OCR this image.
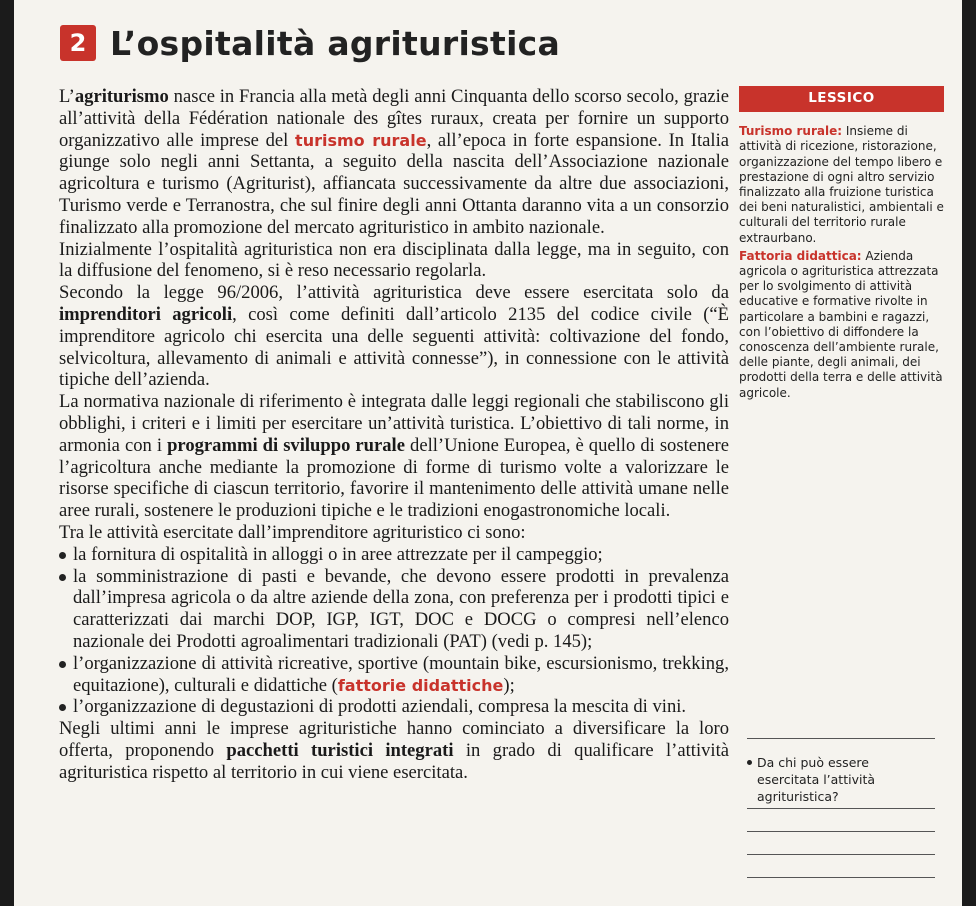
2 L’ospitalità agrituristica

L’agriturismo nasce in Francia alla metà degli anni Cinquanta dello scorso secolo, grazie all’attività della Fédération nationale des gîtes ruraux, creata per fornire un supporto organizzativo alle imprese del turismo rurale, all’epoca in forte espansione. In Italia giunge solo negli anni Settanta, a seguito della nascita dell’Associazione nazionale agricoltura e turismo (Agriturist), affiancata successivamente da altre due associazioni, Turismo verde e Terranostra, che sul finire degli anni Ottanta daranno vita a un consorzio finalizzato alla promozione del mercato agrituristico in ambito nazionale.

Inizialmente l’ospitalità agrituristica non era disciplinata dalla legge, ma in seguito, con la diffusione del fenomeno, si è reso necessario regolarla.

Secondo la legge 96/2006, l’attività agrituristica deve essere esercitata solo da imprenditori agricoli, così come definiti dall’articolo 2135 del codice civile (“È imprenditore agricolo chi esercita una delle seguenti attività: coltivazione del fondo, selvicoltura, allevamento di animali e attività connesse”), in connessione con le attività tipiche dell’azienda.

La normativa nazionale di riferimento è integrata dalle leggi regionali che stabiliscono gli obblighi, i criteri e i limiti per esercitare un’attività turistica. L’obiettivo di tali norme, in armonia con i programmi di sviluppo rurale dell’Unione Europea, è quello di sostenere l’agricoltura anche mediante la promozione di forme di turismo volte a valorizzare le risorse specifiche di ciascun territorio, favorire il mantenimento delle attività umane nelle aree rurali, sostenere le produzioni tipiche e le tradizioni enogastronomiche locali.

Tra le attività esercitate dall’imprenditore agrituristico ci sono:

la fornitura di ospitalità in alloggi o in aree attrezzate per il campeggio;
la somministrazione di pasti e bevande, che devono essere prodotti in prevalenza dall’impresa agricola o da altre aziende della zona, con preferenza per i prodotti tipici e caratterizzati dai marchi DOP, IGP, IGT, DOC e DOCG o compresi nell’elenco nazionale dei Prodotti agroalimentari tradizionali (PAT) (vedi p. 145);
l’organizzazione di attività ricreative, sportive (mountain bike, escursionismo, trekking, equitazione), culturali e didattiche (fattorie didattiche);
l’organizzazione di degustazioni di prodotti aziendali, compresa la mescita di vini.

Negli ultimi anni le imprese agrituristiche hanno cominciato a diversificare la loro offerta, proponendo pacchetti turistici integrati in grado di qualificare l’attività agrituristica rispetto al territorio in cui viene esercitata.

LESSICO
Turismo rurale: Insieme di attività di ricezione, ristorazione, organizzazione del tempo libero e prestazione di ogni altro servizio finalizzato alla fruizione turistica dei beni naturalistici, ambientali e culturali del territorio rurale extraurbano.
Fattoria didattica: Azienda agricola o agrituristica attrezzata per lo svolgimento di attività educative e formative rivolte in particolare a bambini e ragazzi, con l’obiettivo di diffondere la conoscenza dell’ambiente rurale, delle piante, degli animali, dei prodotti della terra e delle attività agricole.
Da chi può essere esercitata l’attività agrituristica?
